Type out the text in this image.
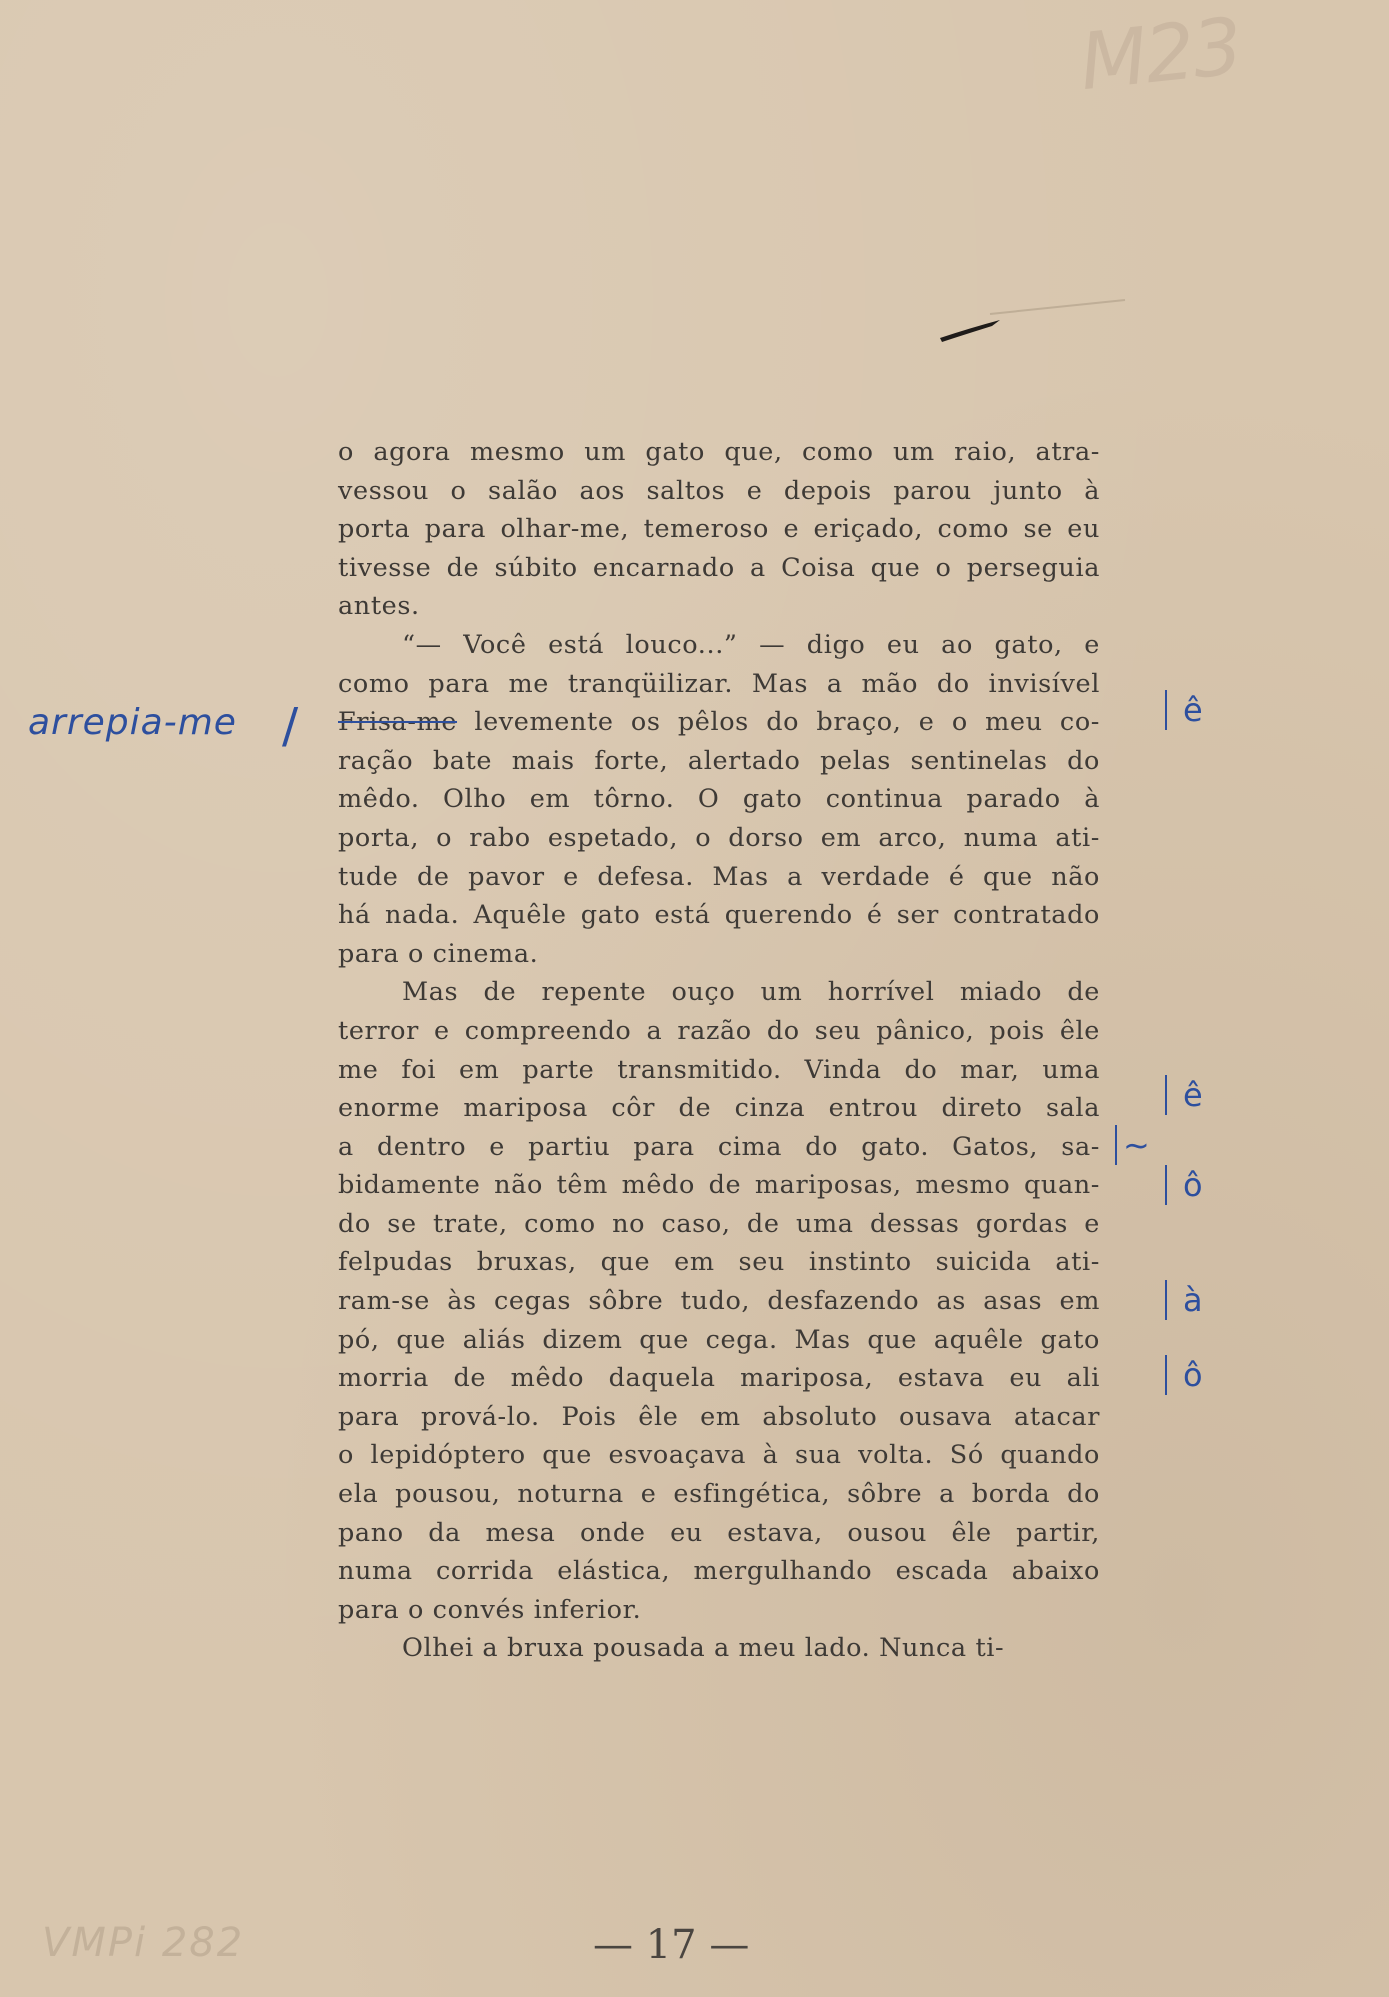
M23
o agora mesmo um gato que, como um raio, atra-
vessou o salão aos saltos e depois parou junto à
porta para olhar-me, temeroso e eriçado, como se eu
tivesse de súbito encarnado a Coisa que o perseguia
antes.
“— Você está louco...” — digo eu ao gato, e
como para me tranqüilizar. Mas a mão do invisível
Frisa-me levemente os pêlos do braço, e o meu co-
ração bate mais forte, alertado pelas sentinelas do
mêdo. Olho em tôrno. O gato continua parado à
porta, o rabo espetado, o dorso em arco, numa ati-
tude de pavor e defesa. Mas a verdade é que não
há nada. Aquêle gato está querendo é ser contratado
para o cinema.
Mas de repente ouço um horrível miado de
terror e compreendo a razão do seu pânico, pois êle
me foi em parte transmitido. Vinda do mar, uma
enorme mariposa côr de cinza entrou direto sala
a dentro e partiu para cima do gato. Gatos, sa-
bidamente não têm mêdo de mariposas, mesmo quan-
do se trate, como no caso, de uma dessas gordas e
felpudas bruxas, que em seu instinto suicida ati-
ram-se às cegas sôbre tudo, desfazendo as asas em
pó, que aliás dizem que cega. Mas que aquêle gato
morria de mêdo daquela mariposa, estava eu ali
para prová-lo. Pois êle em absoluto ousava atacar
o lepidóptero que esvoaçava à sua volta. Só quando
ela pousou, noturna e esfingética, sôbre a borda do
pano da mesa onde eu estava, ousou êle partir,
numa corrida elástica, mergulhando escada abaixo
para o convés inferior.
Olhei a bruxa pousada a meu lado. Nunca ti-
arrepia-me /	ê
ê
~
ô
à
ô
VMPi 282	— 17 —
